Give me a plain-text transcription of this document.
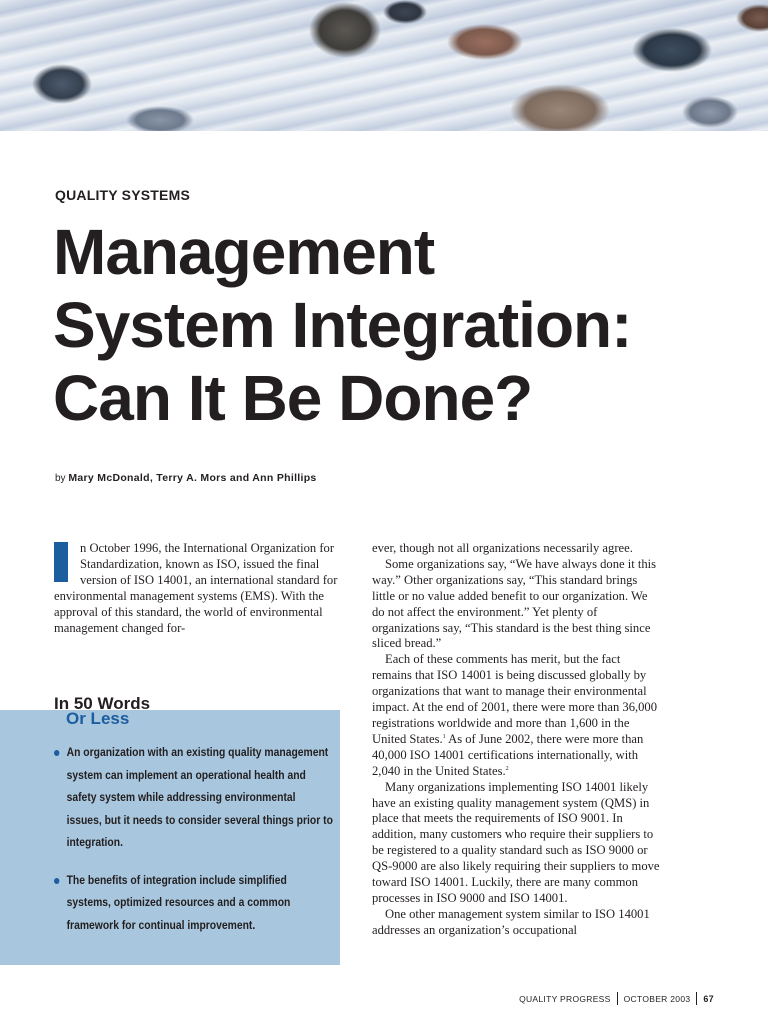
QUALITY SYSTEMS
Management
System Integration:
Can It Be Done?
by Mary McDonald, Terry A. Mors and Ann Phillips

n October 1996, the International Organization for Standardization, known as ISO, issued the final version of ISO 14001, an international standard for environmental management systems (EMS). With the approval of this standard, the world of environmental management changed for-

ever, though not all organizations necessarily agree.

Some organizations say, “We have always done it this way.” Other organizations say, “This standard brings little or no value added benefit to our organization. We do not affect the environment.” Yet plenty of organizations say, “This standard is the best thing since sliced bread.”

Each of these comments has merit, but the fact remains that ISO 14001 is being discussed globally by organizations that want to manage their environmental impact. At the end of 2001, there were more than 36,000 registrations worldwide and more than 1,600 in the United States.$^1$ As of June 2002, there were more than 40,000 ISO 14001 certifications internationally, with 2,040 in the United States.$^2$

Many organizations implementing ISO 14001 likely have an existing quality management system (QMS) in place that meets the requirements of ISO 9001. In addition, many customers who require their suppliers to be registered to a quality standard such as ISO 9000 or QS-9000 are also likely requiring their suppliers to move toward ISO 14001. Luckily, there are many common processes in ISO 9000 and ISO 14001.

One other management system similar to ISO 14001 addresses an organization’s occupational

In 50 Words
Or Less
An organization with an existing quality management system can implement an operational health and safety system while addressing environmental issues, but it needs to consider several things prior to integration.
The benefits of integration include simplified systems, optimized resources and a common framework for continual improvement.
QUALITY PROGRESS OCTOBER 2003 67
